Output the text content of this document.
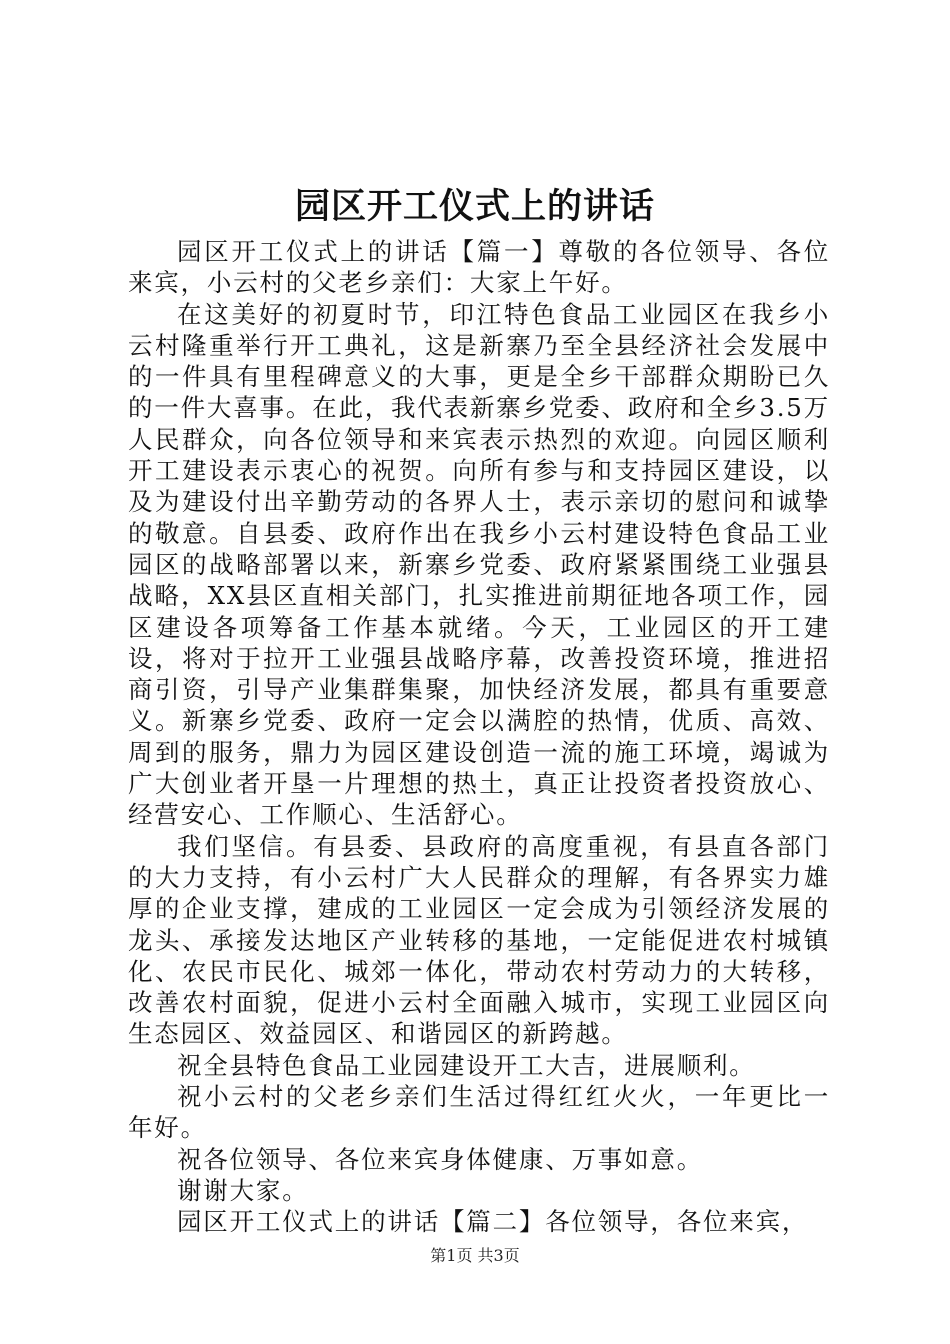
园区开工仪式上的讲话

园区开工仪式上的讲话【篇一】尊敬的各位领导、各位来宾，小云村的父老乡亲们：大家上午好。

在这美好的初夏时节，印江特色食品工业园区在我乡小云村隆重举行开工典礼，这是新寨乃至全县经济社会发展中的一件具有里程碑意义的大事，更是全乡干部群众期盼已久的一件大喜事。在此，我代表新寨乡党委、政府和全乡3.5万人民群众，向各位领导和来宾表示热烈的欢迎。向园区顺利开工建设表示衷心的祝贺。向所有参与和支持园区建设，以及为建设付出辛勤劳动的各界人士，表示亲切的慰问和诚挚的敬意。自县委、政府作出在我乡小云村建设特色食品工业园区的战略部署以来，新寨乡党委、政府紧紧围绕工业强县战略，XX县区直相关部门，扎实推进前期征地各项工作，园区建设各项筹备工作基本就绪。今天，工业园区的开工建设，将对于拉开工业强县战略序幕，改善投资环境，推进招商引资，引导产业集群集聚，加快经济发展，都具有重要意义。新寨乡党委、政府一定会以满腔的热情，优质、高效、周到的服务，鼎力为园区建设创造一流的施工环境，竭诚为广大创业者开垦一片理想的热土，真正让投资者投资放心、经营安心、工作顺心、生活舒心。

我们坚信。有县委、县政府的高度重视，有县直各部门的大力支持，有小云村广大人民群众的理解，有各界实力雄厚的企业支撑，建成的工业园区一定会成为引领经济发展的龙头、承接发达地区产业转移的基地，一定能促进农村城镇化、农民市民化、城郊一体化，带动农村劳动力的大转移，改善农村面貌，促进小云村全面融入城市，实现工业园区向生态园区、效益园区、和谐园区的新跨越。

祝全县特色食品工业园建设开工大吉，进展顺利。

祝小云村的父老乡亲们生活过得红红火火，一年更比一年好。

祝各位领导、各位来宾身体健康、万事如意。

谢谢大家。

园区开工仪式上的讲话【篇二】各位领导，各位来宾，

第1页 共3页
